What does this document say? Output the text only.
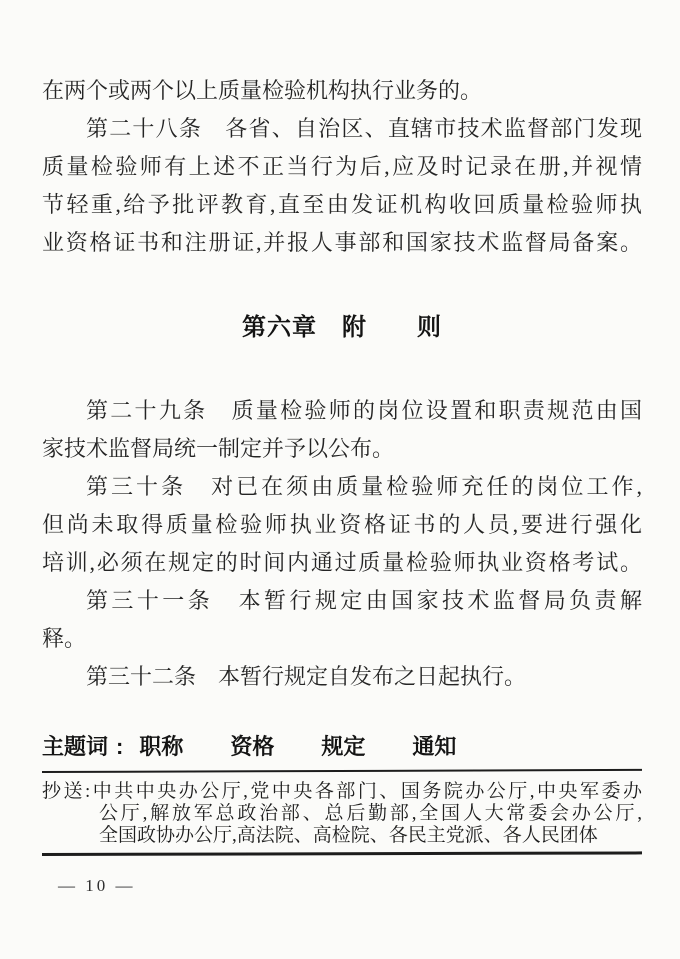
在两个或两个以上质量检验机构执行业务的。
第二十八条　各省、自治区、直辖市技术监督部门发现
质量检验师有上述不正当行为后,应及时记录在册,并视情
节轻重,给予批评教育,直至由发证机构收回质量检验师执
业资格证书和注册证,并报人事部和国家技术监督局备案。
第六章　附　　则
第二十九条　质量检验师的岗位设置和职责规范由国
家技术监督局统一制定并予以公布。
第三十条　对已在须由质量检验师充任的岗位工作,
但尚未取得质量检验师执业资格证书的人员,要进行强化
培训,必须在规定的时间内通过质量检验师执业资格考试。
第三十一条　本暂行规定由国家技术监督局负责解
释。
第三十二条　本暂行规定自发布之日起执行。
主题词 : 职称 资格 规定 通知
抄送:中共中央办公厅,党中央各部门、国务院办公厅,中央军委办
公厅,解放军总政治部、总后勤部,全国人大常委会办公厅,
全国政协办公厅,高法院、高检院、各民主党派、各人民团体
— 10 —
